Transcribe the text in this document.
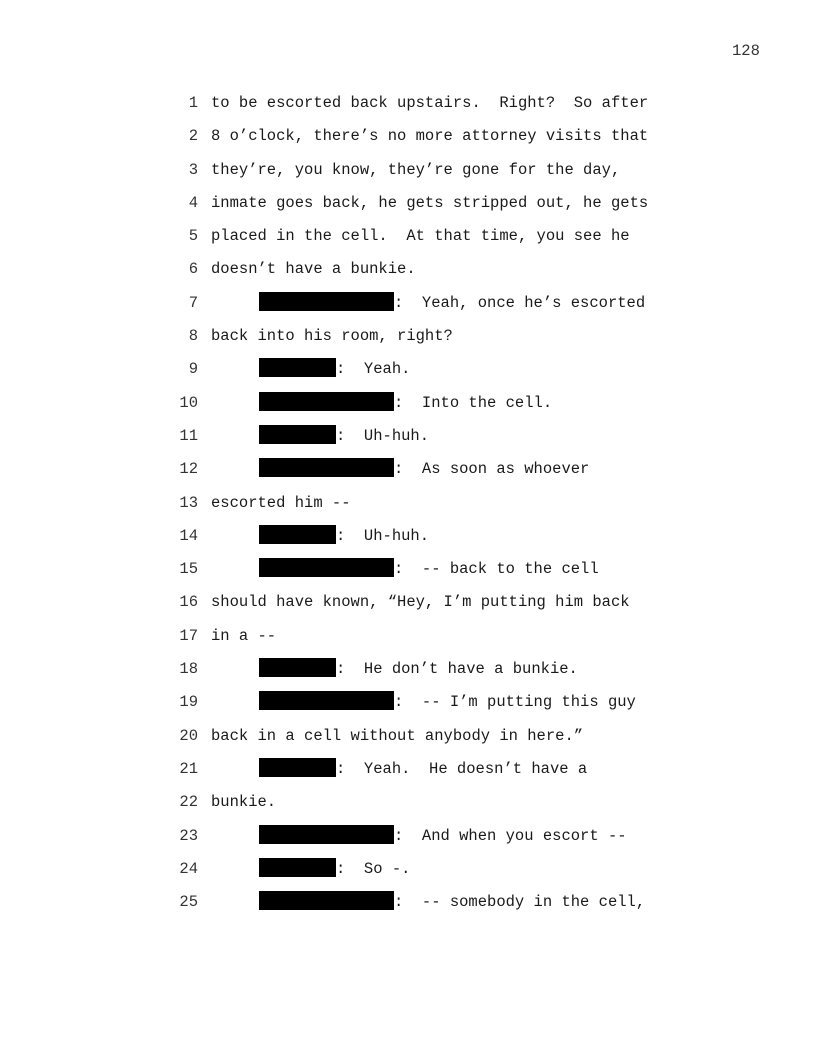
128
1 to be escorted back upstairs.  Right?  So after
2 8 o’clock, there’s no more attorney visits that
3 they’re, you know, they’re gone for the day,
4 inmate goes back, he gets stripped out, he gets
5 placed in the cell.  At that time, you see he
6 doesn’t have a bunkie.
7	:  Yeah, once he’s escorted
8 back into his room, right?
9	:  Yeah.
10	:  Into the cell.
11	:  Uh-huh.
12	:  As soon as whoever
13 escorted him --
14	:  Uh-huh.
15	:  -- back to the cell
16 should have known, “Hey, I’m putting him back
17 in a --
18	:  He don’t have a bunkie.
19	:  -- I’m putting this guy
20 back in a cell without anybody in here.”
21	:  Yeah.  He doesn’t have a
22 bunkie.
23	:  And when you escort --
24	:  So -.
25	:  -- somebody in the cell,
